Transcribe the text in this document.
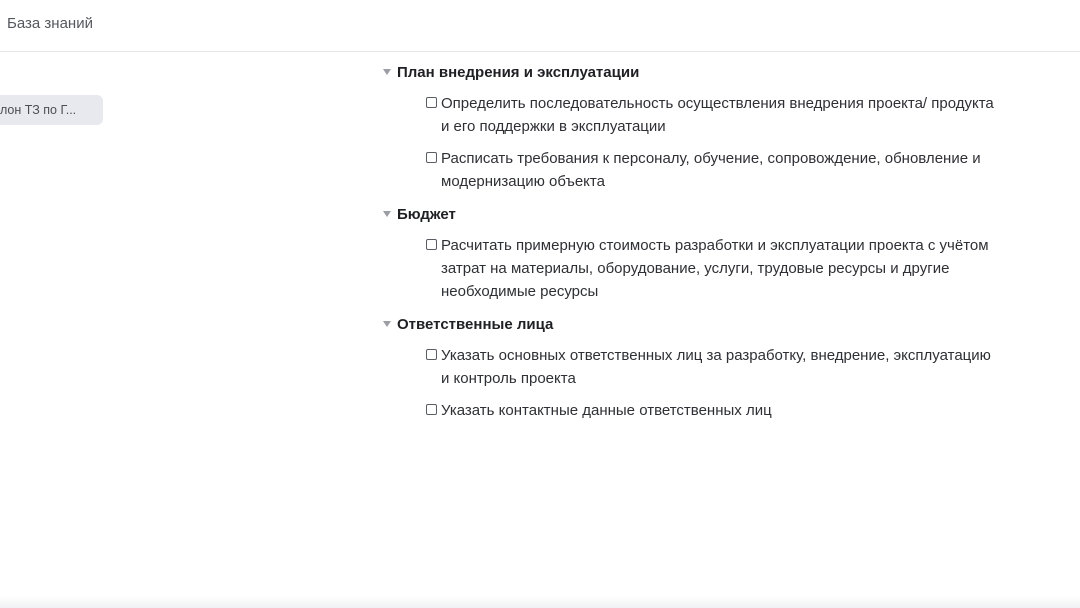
База знаний
лон ТЗ по Г...
План внедрения и эксплуатации
Определить последовательность осуществления внедрения проекта/ продукта и его поддержки в эксплуатации
Расписать требования к персоналу, обучение, сопровождение, обновление и модернизацию объекта
Бюджет
Расчитать примерную стоимость разработки и эксплуатации проекта с учётом затрат на материалы, оборудование, услуги, трудовые ресурсы и другие необходимые ресурсы
Ответственные лица
Указать основных ответственных лиц за разработку, внедрение, эксплуатацию и контроль проекта
Указать контактные данные ответственных лиц
